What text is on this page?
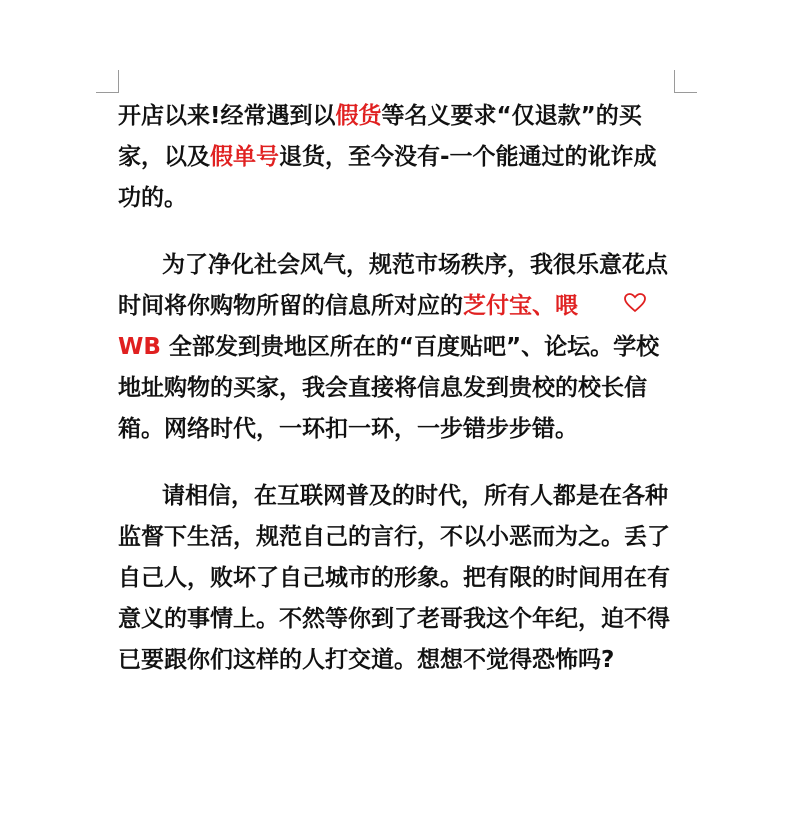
开店以来!经常遇到以假货等名义要求“仅退款”的买家，以及假单号退货，至今没有-一个能通过的讹诈成功的。

为了净化社会风气，规范市场秩序，我很乐意花点时间将你购物所留的信息所对应的芝付宝、喂
WB 全部发到贵地区所在的“百度贴吧”、论坛。学校地址购物的买家，我会直接将信息发到贵校的校长信箱。网络时代，一环扣一环，一步错步步错。

请相信，在互联网普及的时代，所有人都是在各种监督下生活，规范自己的言行，不以小恶而为之。丢了自己人，败坏了自己城市的形象。把有限的时间用在有意义的事情上。不然等你到了老哥我这个年纪，迫不得已要跟你们这样的人打交道。想想不觉得恐怖吗?
